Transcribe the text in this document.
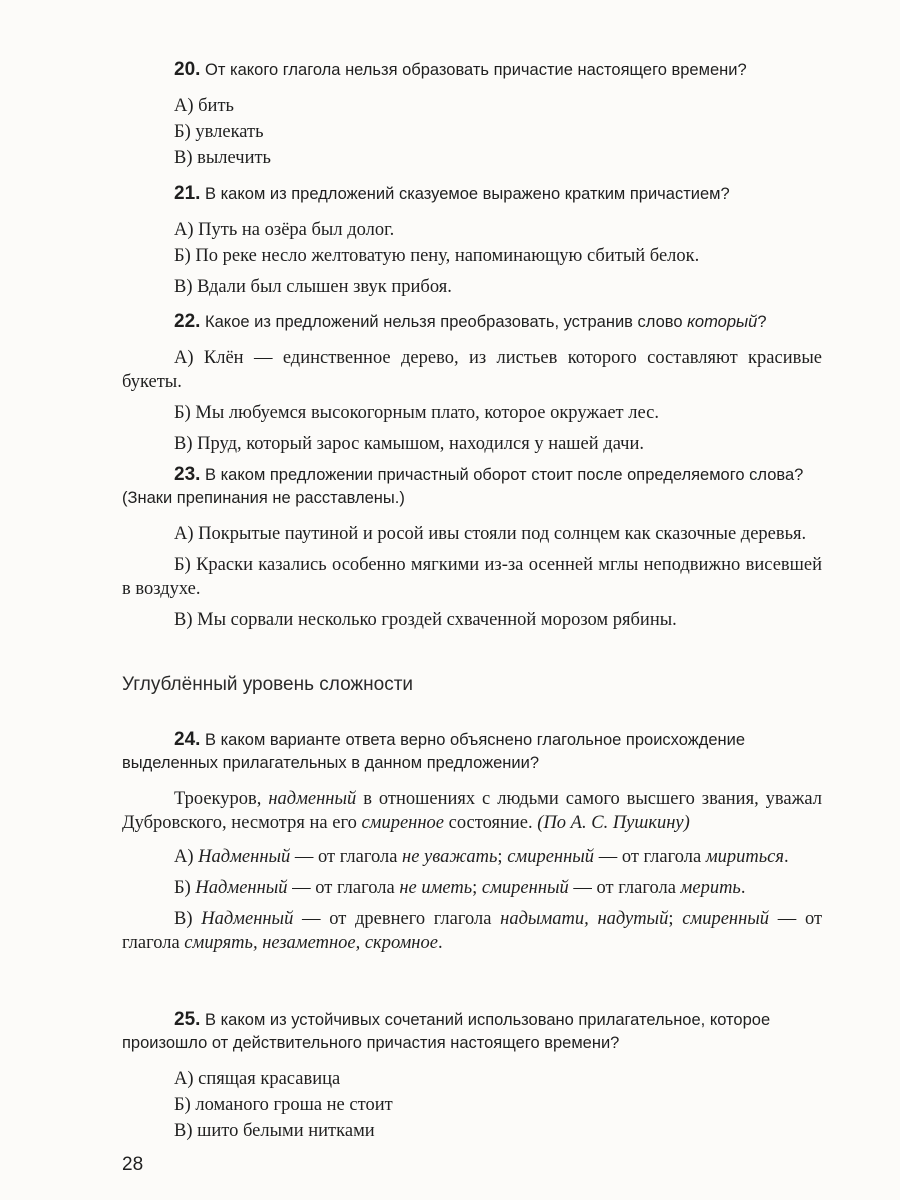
20. От какого глагола нельзя образовать причастие настоящего времени?

А) бить

Б) увлекать

В) вылечить

21. В каком из предложений сказуемое выражено кратким причастием?

А) Путь на озёра был долог.

Б) По реке несло желтоватую пену, напоминающую сбитый белок.

В) Вдали был слышен звук прибоя.

22. Какое из предложений нельзя преобразовать, устранив слово который?

А) Клён — единственное дерево, из листьев которого составляют красивые букеты.

Б) Мы любуемся высокогорным плато, которое окружает лес.

В) Пруд, который зарос камышом, находился у нашей дачи.

23. В каком предложении причастный оборот стоит после определяемого слова? (Знаки препинания не расставлены.)

А) Покрытые паутиной и росой ивы стояли под солнцем как сказочные деревья.

Б) Краски казались особенно мягкими из-за осенней мглы неподвижно висевшей в воздухе.

В) Мы сорвали несколько гроздей схваченной морозом рябины.

Углублённый уровень сложности

24. В каком варианте ответа верно объяснено глагольное происхождение выделенных прилагательных в данном предложении?

Троекуров, надменный в отношениях с людьми самого высшего звания, уважал Дубровского, несмотря на его смиренное состояние. (По А. С. Пушкину)

А) Надменный — от глагола не уважать; смиренный — от глагола мириться.

Б) Надменный — от глагола не иметь; смиренный — от глагола мерить.

В) Надменный — от древнего глагола надымати, надутый; смиренный — от глагола смирять, незаметное, скромное.

25. В каком из устойчивых сочетаний использовано прилагательное, которое произошло от действительного причастия настоящего времени?

А) спящая красавица

Б) ломаного гроша не стоит

В) шито белыми нитками

28
